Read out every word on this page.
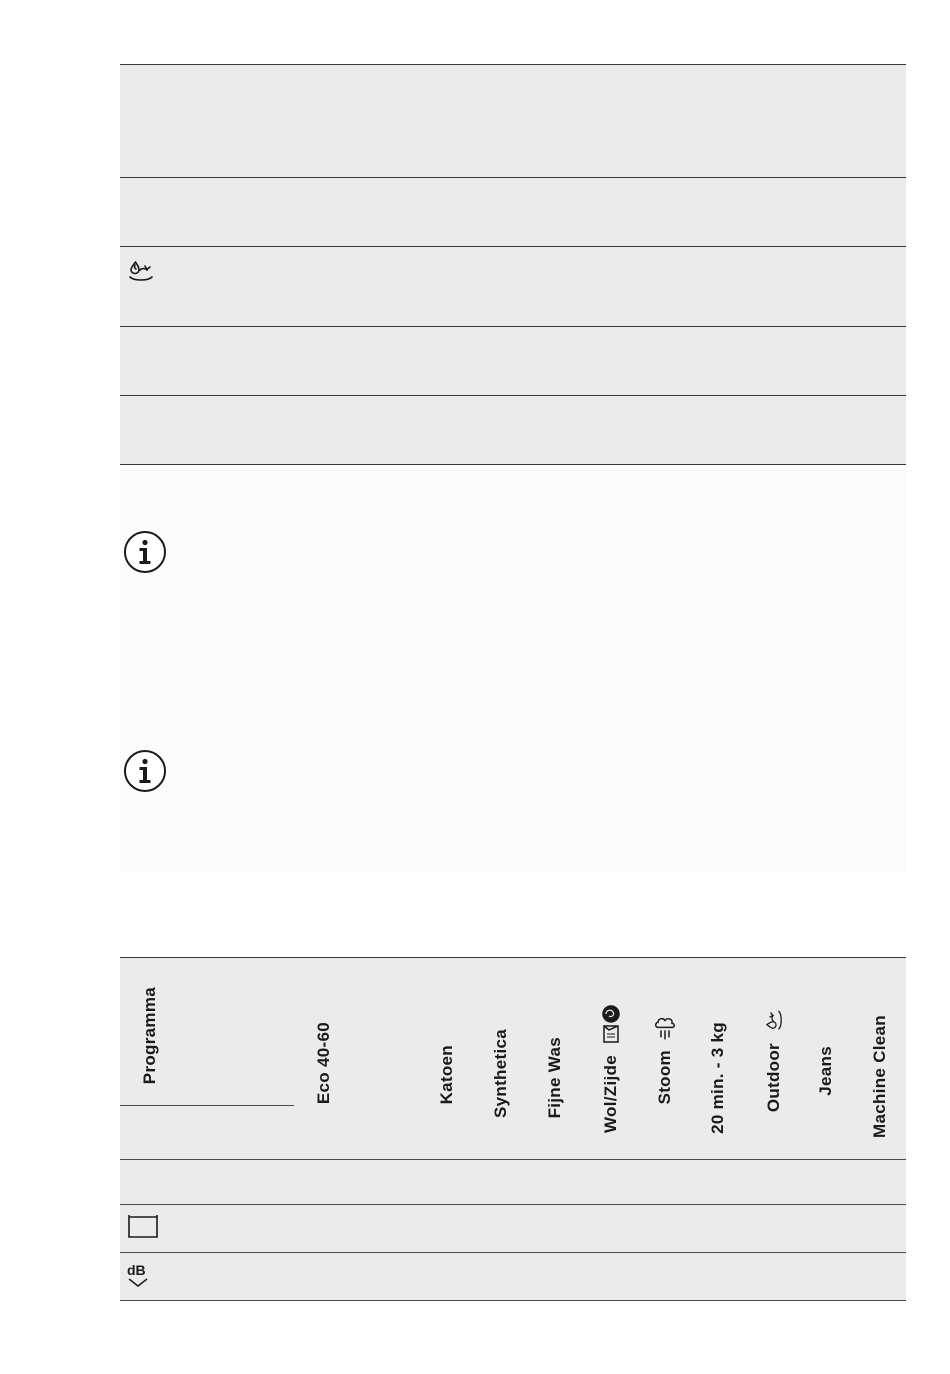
Programma	Eco 40-60	Katoen Synthetica Fijne Was Wol/Zijde Stoom 20 min. - 3 kg Outdoor Jeans Machine Clean
dB
